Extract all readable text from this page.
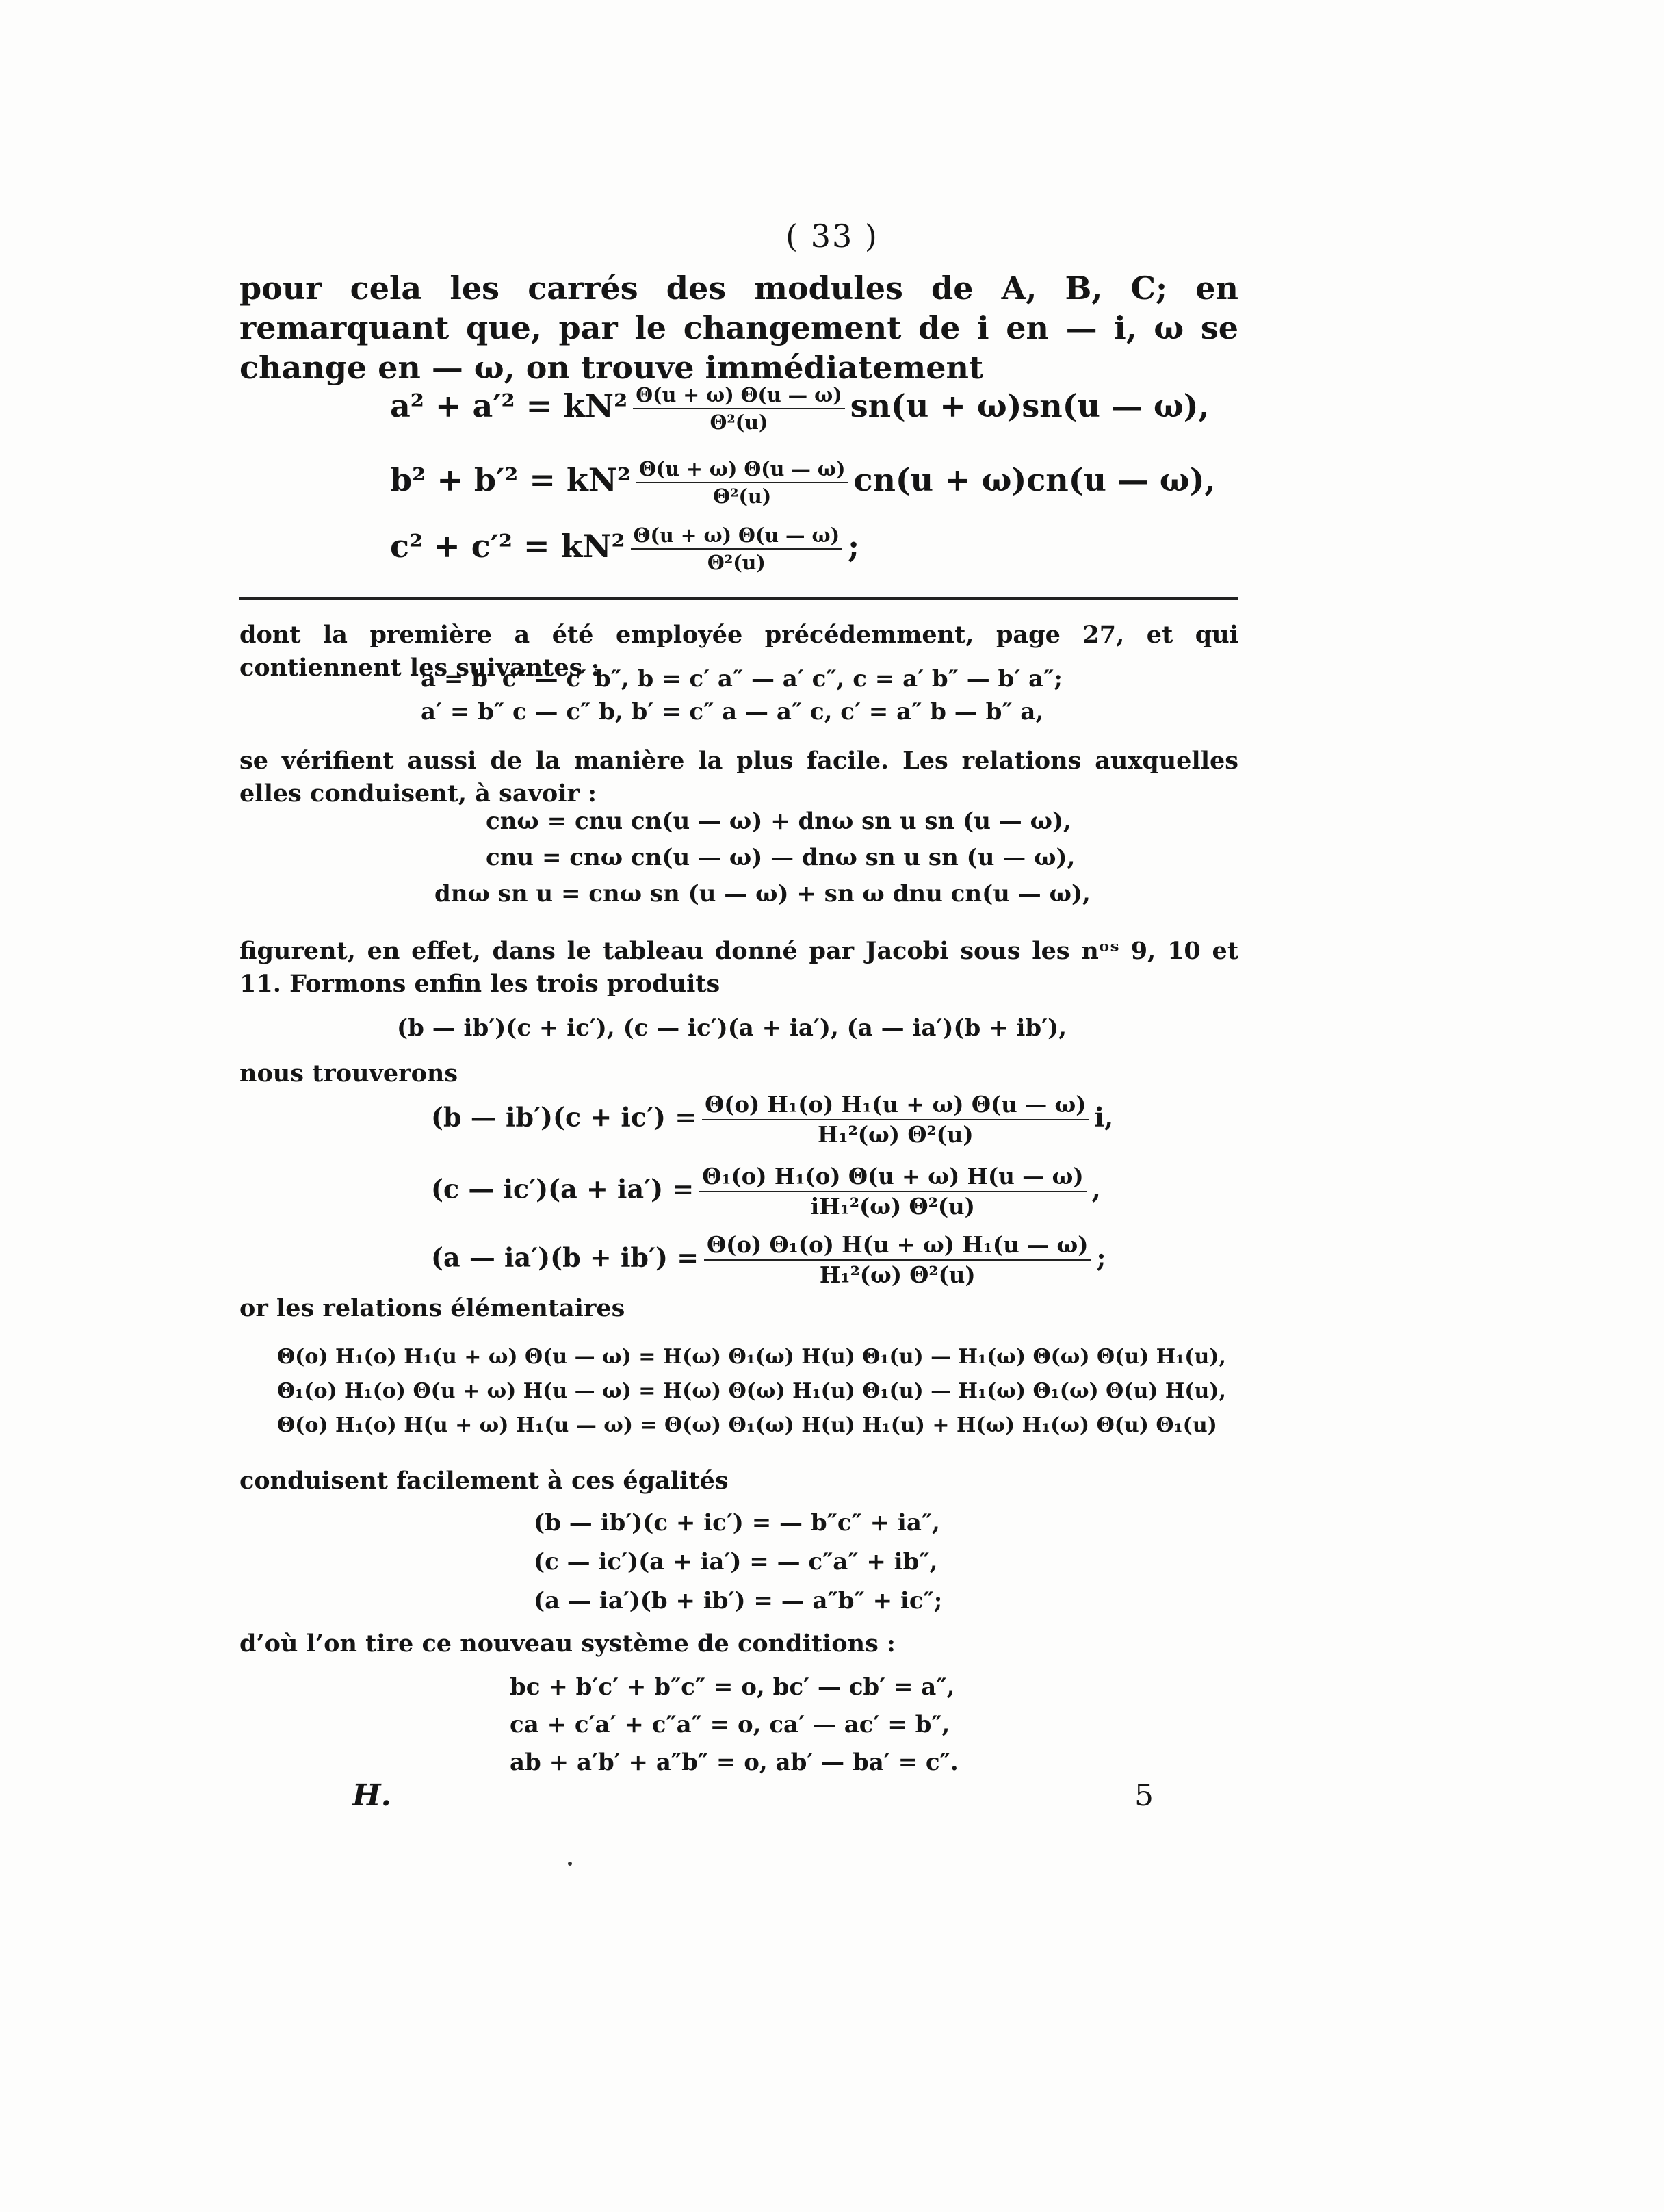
( 33 )
pour cela les carrés des modules de A, B, C; en remarquant que, par le changement de i en — i, ω se change en — ω, on trouve immédiatement
$a^2 + a'^2 = kN^2 \frac{\Theta(u + \omega) \Theta(u — \omega)}{\text{Θ²(u)}} sn(u + \omega)sn(u$ — ω),
$b^2 + b'^2 = kN^2 \frac{\Theta(u + \omega) \Theta(u — \omega)}{\text{Θ²(u)}} cn(u + \omega)cn(u$ — ω),
$c^2 + c'^2 = kN^2 \frac{\Theta(u + \omega) \Theta(u — \omega)}{\text{Θ²(u)}}$ ;
dont la première a été employée précédemment, page 27, et qui contiennent les suivantes :
a = b′ c″ — c′ b″, b = c′ a″ — a′ c″, c = a′ b″ — b′ a″;
a′ = b″ c — c″ b, b′ = c″ a — a″ c, c′ = a″ b — b″ a,
se vérifient aussi de la manière la plus facile. Les relations auxquelles elles conduisent, à savoir :
cnω = cnu cn(u — ω) + dnω sn u sn (u — ω),
cnu = cnω cn(u — ω) — dnω sn u sn (u — ω),
dnω sn u = cnω sn (u — ω) + sn ω dnu cn(u — ω),
figurent, en effet, dans le tableau donné par Jacobi sous les nᵒˢ 9, 10 et 11. Formons enfin les trois produits
(b — ib′)(c + ic′), (c — ic′)(a + ia′), (a — ia′)(b + ib′),
nous trouverons
(b — $ib')(c + ic') = \frac{\text{Θ(o) H₁(o) H₁(u + ω) Θ(u — ω)}}{\text{H₁²(ω) Θ²(u)}} i$,
(c — $ic')(a + ia') = \frac{\text{Θ₁(o) H₁(o) Θ(u + ω) H(u — ω)}}{\text{iH₁²(ω) Θ²(u)}}$ ,
(a — $ia')(b + ib') = \frac{\text{Θ(o) Θ₁(o) H(u + ω) H₁(u — ω)}}{\text{H₁²(ω) Θ²(u)}}$ ;
or les relations élémentaires
Θ(o) H₁(o) H₁(u + ω) Θ(u — ω) = H(ω) Θ₁(ω) H(u) Θ₁(u) — H₁(ω) Θ(ω) Θ(u) H₁(u),
Θ₁(o) H₁(o) Θ(u + ω) H(u — ω) = H(ω) Θ(ω) H₁(u) Θ₁(u) — H₁(ω) Θ₁(ω) Θ(u) H(u),
Θ(o) H₁(o) H(u + ω) H₁(u — ω) = Θ(ω) Θ₁(ω) H(u) H₁(u) + H(ω) H₁(ω) Θ(u) Θ₁(u)
conduisent facilement à ces égalités
(b — ib′)(c + ic′) = — b″c″ + ia″,
(c — ic′)(a + ia′) = — c″a″ + ib″,
(a — ia′)(b + ib′) = — a″b″ + ic″;
d’où l’on tire ce nouveau système de conditions :
bc + b′c′ + b″c″ = o, bc′ — cb′ = a″,
ca + c′a′ + c″a″ = o, ca′ — ac′ = b″,
ab + a′b′ + a″b″ = o, ab′ — ba′ = c″.
H.	5
